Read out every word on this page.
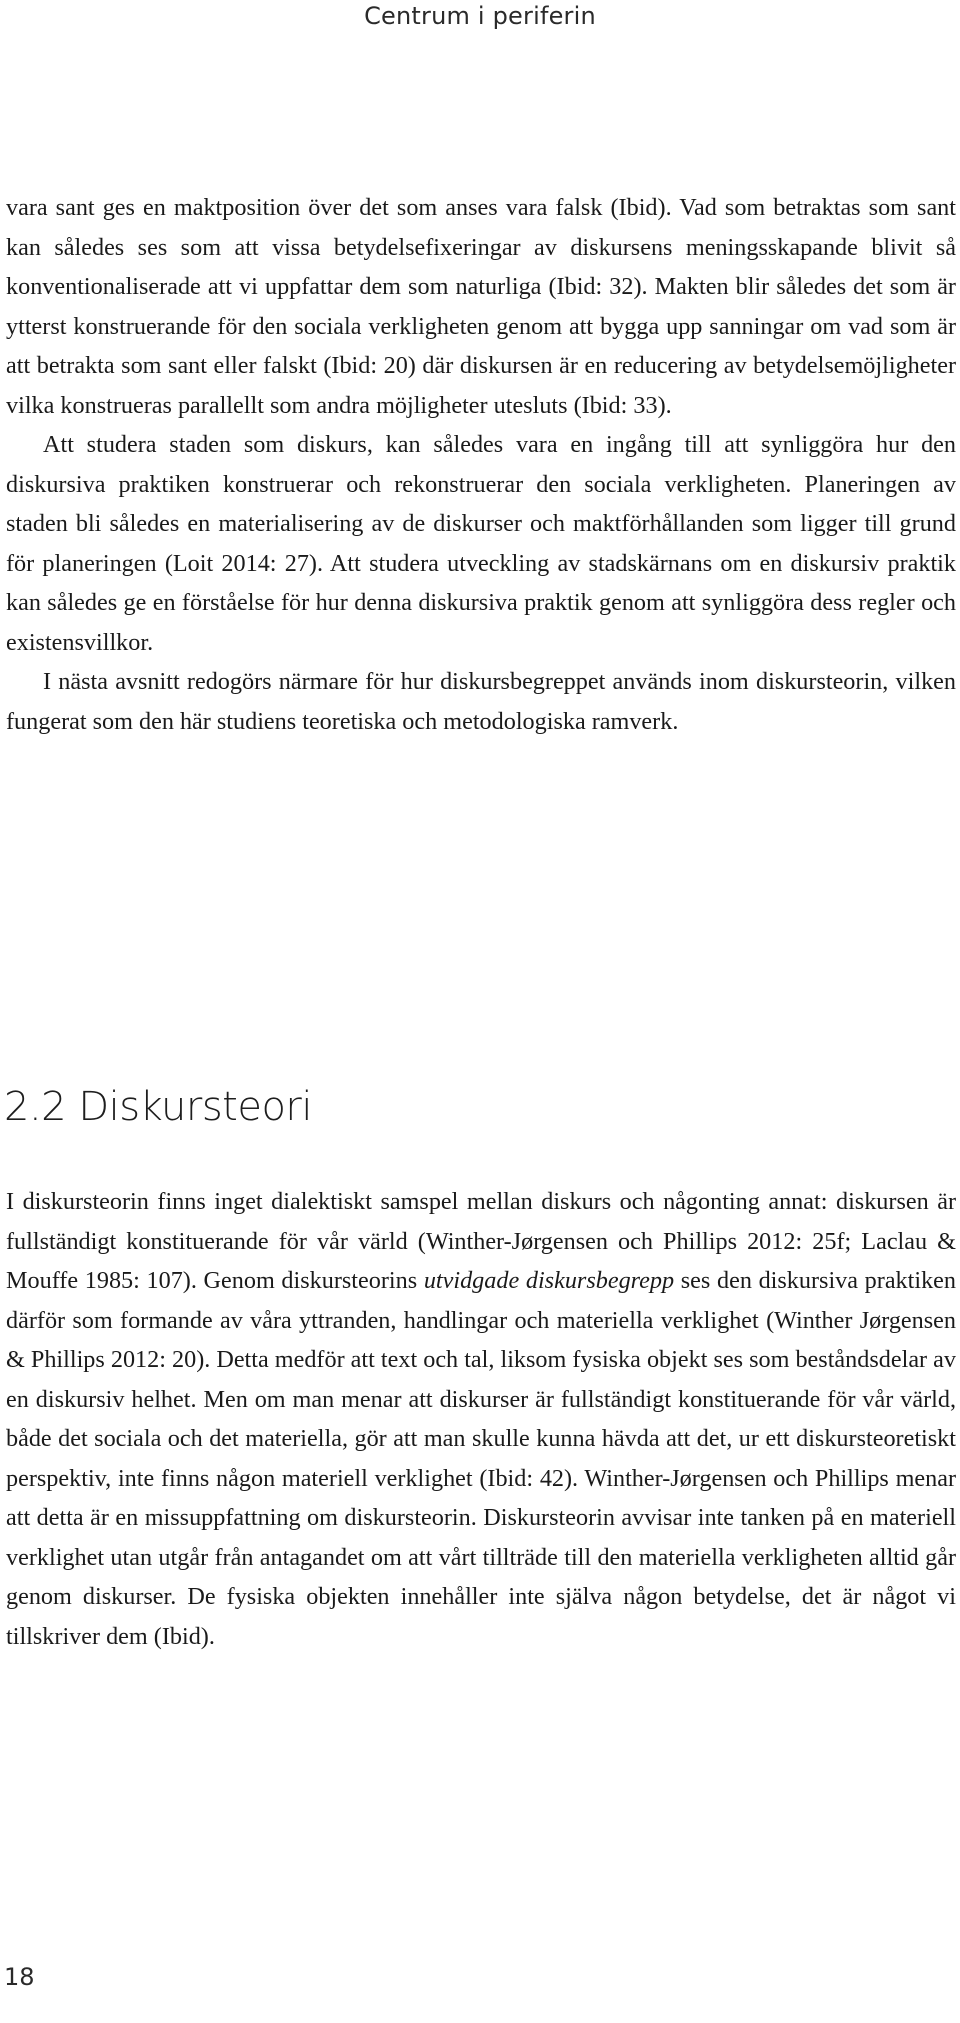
Centrum i periferin

vara sant ges en maktposition över det som anses vara falsk (Ibid). Vad som betraktas som sant kan således ses som att vissa betydelsefixeringar av diskursens meningsskapande blivit så konventionaliserade att vi uppfattar dem som naturliga (Ibid: 32). Makten blir således det som är ytterst konstruerande för den sociala verkligheten genom att bygga upp sanningar om vad som är att betrakta som sant eller falskt (Ibid: 20) där diskursen är en reducering av betydelsemöjligheter vilka konstrueras parallellt som andra möjligheter utesluts (Ibid: 33).

Att studera staden som diskurs, kan således vara en ingång till att synliggöra hur den diskursiva praktiken konstruerar och rekonstruerar den sociala verkligheten. Planeringen av staden bli således en materialisering av de diskurser och maktförhållanden som ligger till grund för planeringen (Loit 2014: 27). Att studera utveckling av stadskärnans om en diskursiv praktik kan således ge en förståelse för hur denna diskursiva praktik genom att synliggöra dess regler och existensvillkor.

I nästa avsnitt redogörs närmare för hur diskursbegreppet används inom diskursteorin, vilken fungerat som den här studiens teoretiska och metodologiska ramverk.

2.2 Diskursteori

I diskursteorin finns inget dialektiskt samspel mellan diskurs och någonting annat: diskursen är fullständigt konstituerande för vår värld (Winther-Jørgensen och Phillips 2012: 25f; Laclau & Mouffe 1985: 107). Genom diskursteorins utvidgade diskursbegrepp ses den diskursiva praktiken därför som formande av våra yttranden, handlingar och materiella verklighet (Winther Jørgensen & Phillips 2012: 20). Detta medför att text och tal, liksom fysiska objekt ses som beståndsdelar av en diskursiv helhet. Men om man menar att diskurser är fullständigt konstituerande för vår värld, både det sociala och det materiella, gör att man skulle kunna hävda att det, ur ett diskursteoretiskt perspektiv, inte finns någon materiell verklighet (Ibid: 42). Winther-Jørgensen och Phillips menar att detta är en missuppfattning om diskursteorin. Diskursteorin avvisar inte tanken på en materiell verklighet utan utgår från antagandet om att vårt tillträde till den materiella verkligheten alltid går genom diskurser. De fysiska objekten innehåller inte själva någon betydelse, det är något vi tillskriver dem (Ibid).

18
